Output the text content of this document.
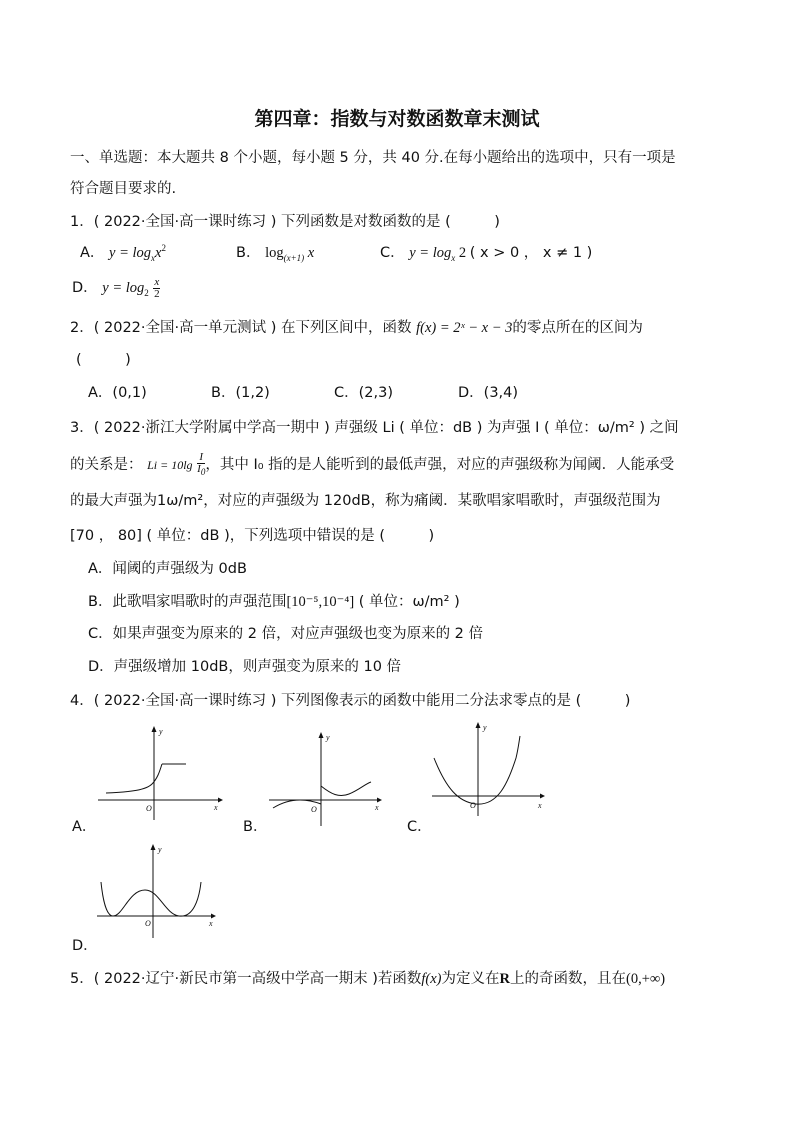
第四章：指数与对数函数章末测试
一、单选题：本大题共 8 个小题，每小题 5 分，共 40 分.在每小题给出的选项中，只有一项是
符合题目要求的.
1．( 2022·全国·高一课时练习 ) 下列函数是对数函数的是 (　　　)
A． $y = \log_xx^2$	B． $\log_{(x+1)} x$	C． $y = \log_x 2$ ( x > 0 ， x ≠ 1 )
D． $y = \log_2 \frac{x}{2}$
2．( 2022·全国·高一单元测试 ) 在下列区间中，函数 f(x) = 2ˣ − x − 3的零点所在的区间为
(　　　)
A．(0,1)	B．(1,2)	C．(2,3)	D．(3,4)
3．( 2022·浙江大学附属中学高一期中 ) 声强级 Li ( 单位：dB ) 为声强 I ( 单位：ω/m² ) 之间
的关系是： $Li = 10\lg \frac{I}{I_0}$ ，其中 I₀ 指的是人能听到的最低声强，对应的声强级称为闻阈．人能承受
的最大声强为1ω/m²，对应的声强级为 120dB，称为痛阈．某歌唱家唱歌时，声强级范围为
[70 ， 80] ( 单位：dB )，下列选项中错误的是 (　　　)
A．闻阈的声强级为 0dB
B．此歌唱家唱歌时的声强范围[10⁻⁵,10⁻⁴] ( 单位：ω/m² )
C．如果声强变为原来的 2 倍，对应声强级也变为原来的 2 倍
D．声强级增加 10dB，则声强变为原来的 10 倍
4．( 2022·全国·高一课时练习 ) 下列图像表示的函数中能用二分法求零点的是 (　　　)
y
x
O
A．
y
x
O
B．
y
x
O
C．
y
x
O
D．
5．( 2022·辽宁·新民市第一高级中学高一期末 )若函数f(x)为定义在R上的奇函数，且在(0,+∞)
